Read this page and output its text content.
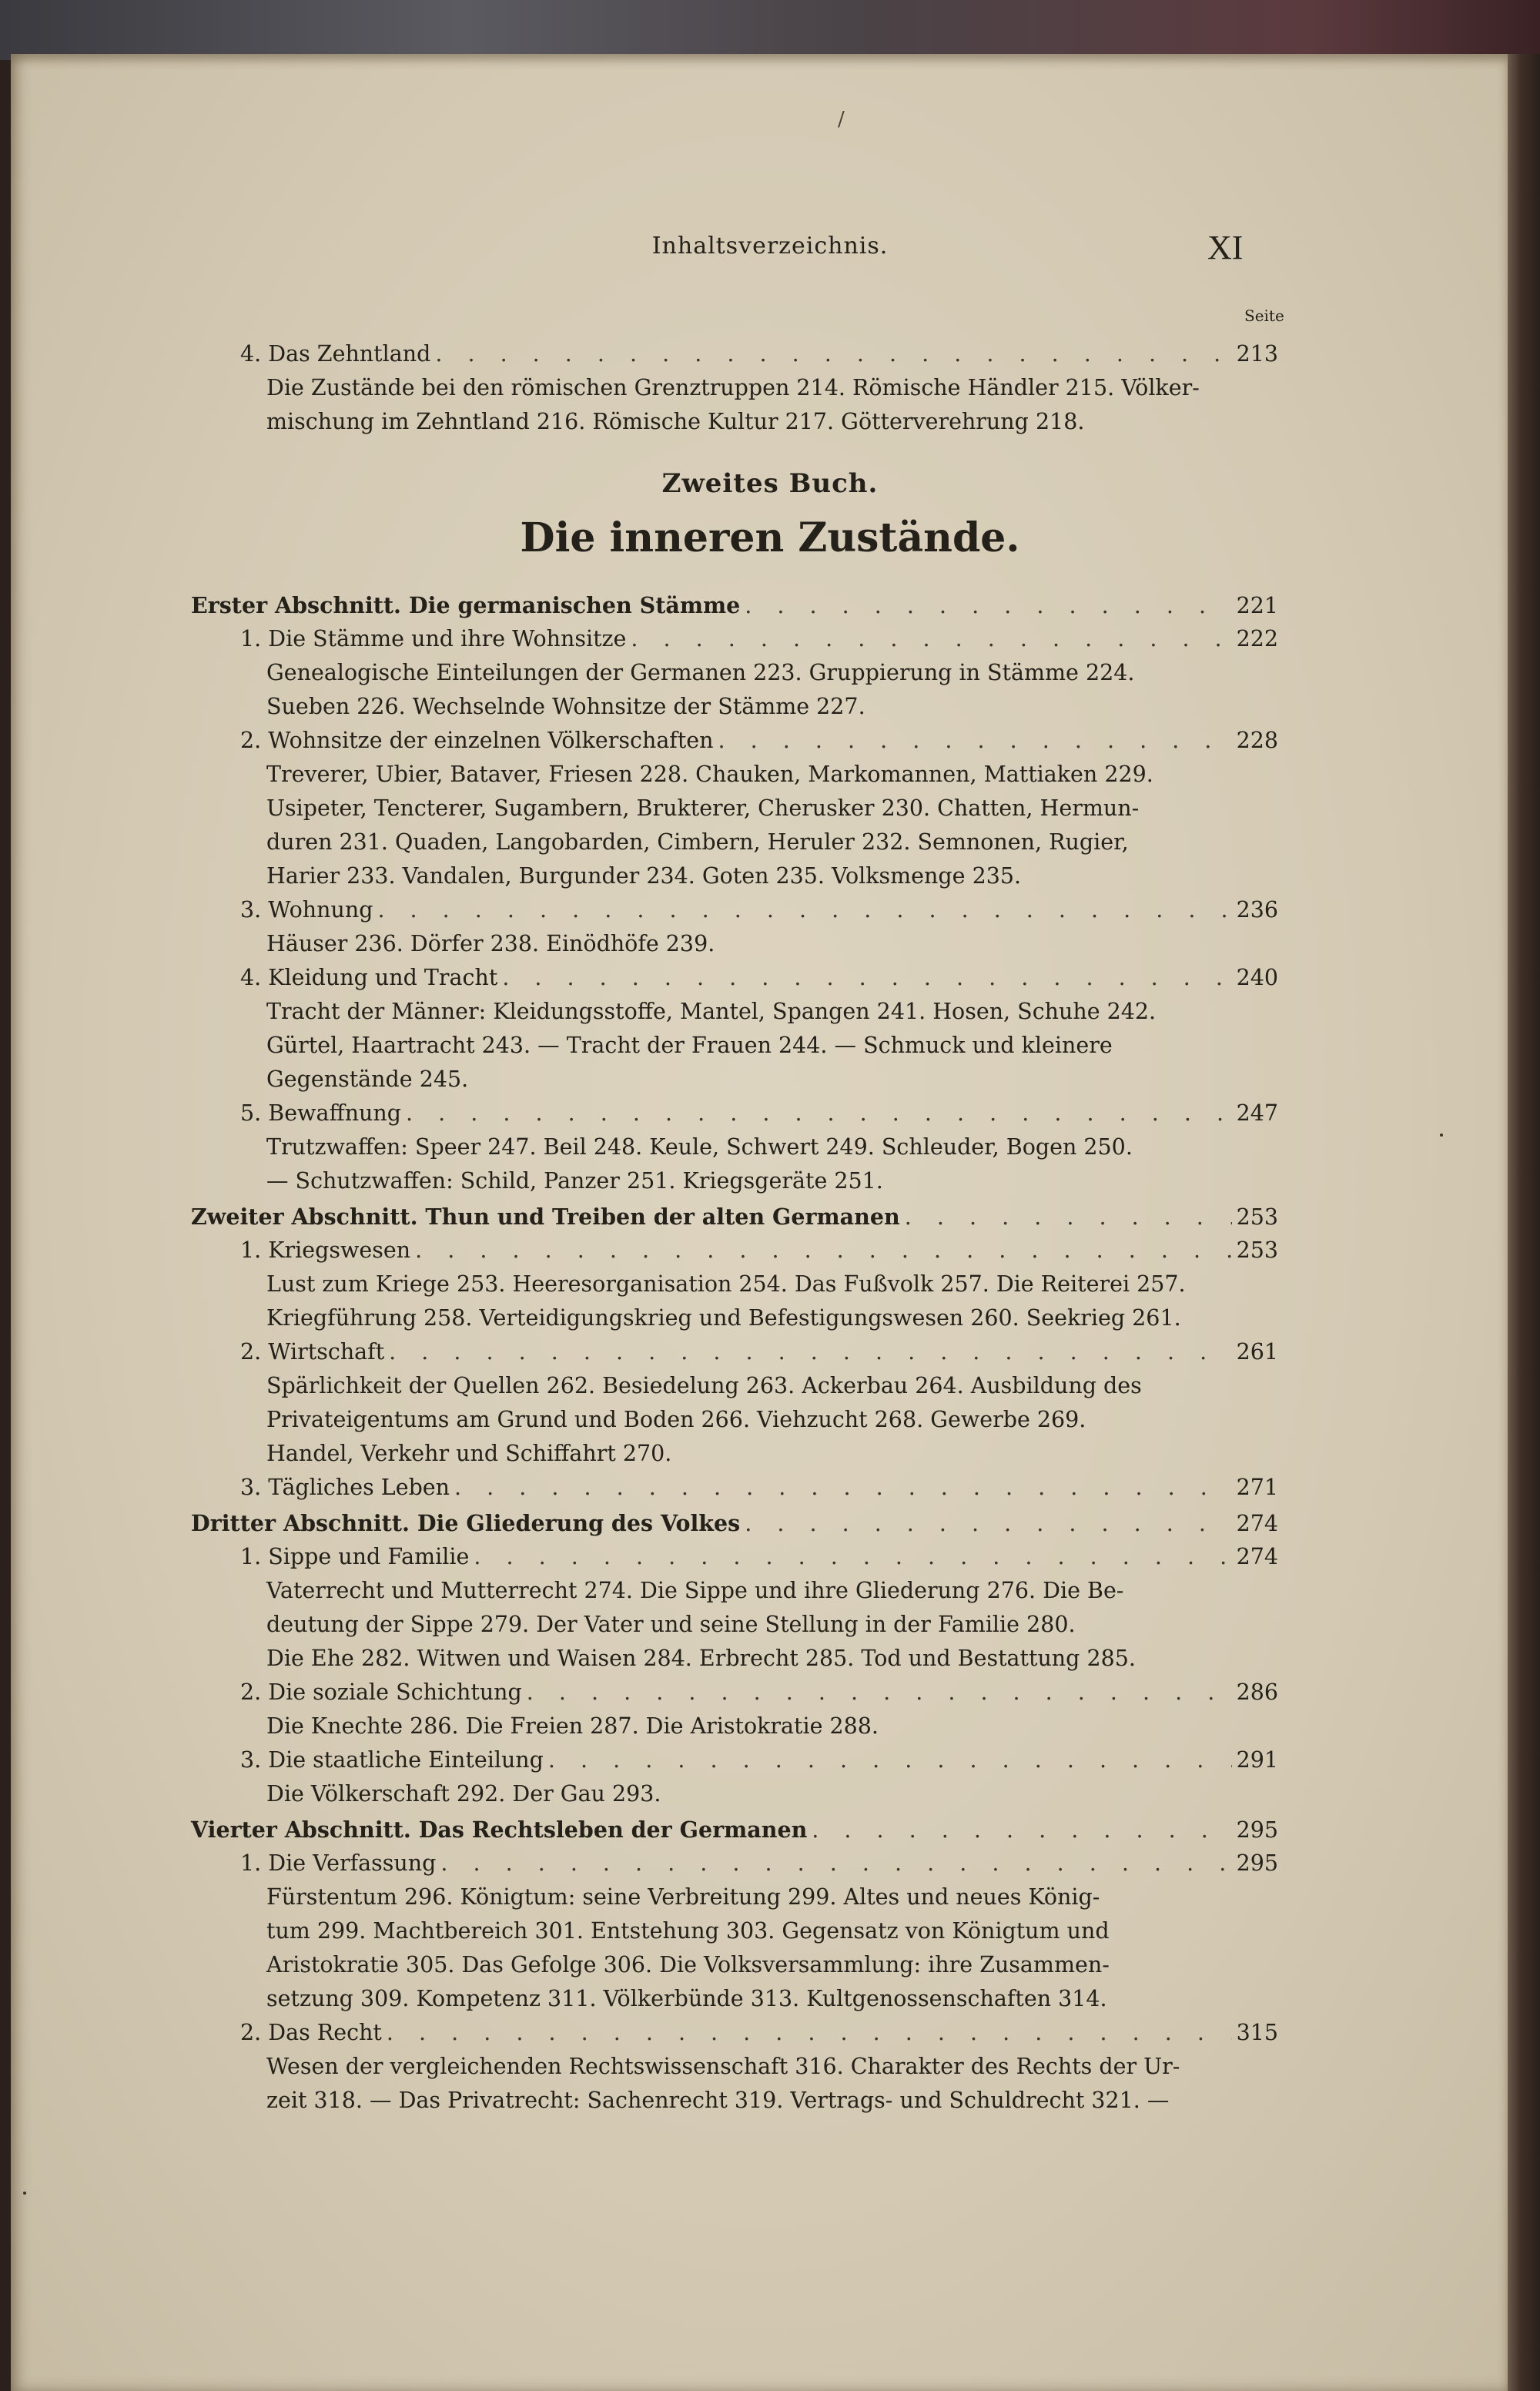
Inhaltsverzeichnis.	XI
Seite
Zweites Buch.
Die inneren Zustände.
/
4. Das Zehntland . . .	213
Die Zustände bei den römischen Grenztruppen 214. Römische Händler 215. Völker-
mischung im Zehntland 216. Römische Kultur 217. Götterverehrung 218.
Erster Abschnitt. Die germanischen Stämme . . .	221
1. Die Stämme und ihre Wohnsitze . . .	222
Genealogische Einteilungen der Germanen 223. Gruppierung in Stämme 224.
Sueben 226. Wechselnde Wohnsitze der Stämme 227.
2. Wohnsitze der einzelnen Völkerschaften . . .	228
Treverer, Ubier, Bataver, Friesen 228. Chauken, Markomannen, Mattiaken 229.
Usipeter, Tencterer, Sugambern, Brukterer, Cherusker 230. Chatten, Hermun-
duren 231. Quaden, Langobarden, Cimbern, Heruler 232. Semnonen, Rugier,
Harier 233. Vandalen, Burgunder 234. Goten 235. Volksmenge 235.
3. Wohnung . . .	236
Häuser 236. Dörfer 238. Einödhöfe 239.
4. Kleidung und Tracht . . .	240
Tracht der Männer: Kleidungsstoffe, Mantel, Spangen 241. Hosen, Schuhe 242.
Gürtel, Haartracht 243. — Tracht der Frauen 244. — Schmuck und kleinere
Gegenstände 245.
5. Bewaffnung . . .	247
Trutzwaffen: Speer 247. Beil 248. Keule, Schwert 249. Schleuder, Bogen 250.
— Schutzwaffen: Schild, Panzer 251. Kriegsgeräte 251.
Zweiter Abschnitt. Thun und Treiben der alten Germanen . . .	253
1. Kriegswesen . . .	253
Lust zum Kriege 253. Heeresorganisation 254. Das Fußvolk 257. Die Reiterei 257.
Kriegführung 258. Verteidigungskrieg und Befestigungswesen 260. Seekrieg 261.
2. Wirtschaft . . .	261
Spärlichkeit der Quellen 262. Besiedelung 263. Ackerbau 264. Ausbildung des
Privateigentums am Grund und Boden 266. Viehzucht 268. Gewerbe 269.
Handel, Verkehr und Schiffahrt 270.
3. Tägliches Leben . . .	271
Dritter Abschnitt. Die Gliederung des Volkes . . .	274
1. Sippe und Familie . . .	274
Vaterrecht und Mutterrecht 274. Die Sippe und ihre Gliederung 276. Die Be-
deutung der Sippe 279. Der Vater und seine Stellung in der Familie 280.
Die Ehe 282. Witwen und Waisen 284. Erbrecht 285. Tod und Bestattung 285.
2. Die soziale Schichtung . . .	286
Die Knechte 286. Die Freien 287. Die Aristokratie 288.
3. Die staatliche Einteilung . . .	291
Die Völkerschaft 292. Der Gau 293.
Vierter Abschnitt. Das Rechtsleben der Germanen . . .	295
1. Die Verfassung . . .	295
Fürstentum 296. Königtum: seine Verbreitung 299. Altes und neues König-
tum 299. Machtbereich 301. Entstehung 303. Gegensatz von Königtum und
Aristokratie 305. Das Gefolge 306. Die Volksversammlung: ihre Zusammen-
setzung 309. Kompetenz 311. Völkerbünde 313. Kultgenossenschaften 314.
2. Das Recht . . .	315
Wesen der vergleichenden Rechtswissenschaft 316. Charakter des Rechts der Ur-
zeit 318. — Das Privatrecht: Sachenrecht 319. Vertrags- und Schuldrecht 321. —
